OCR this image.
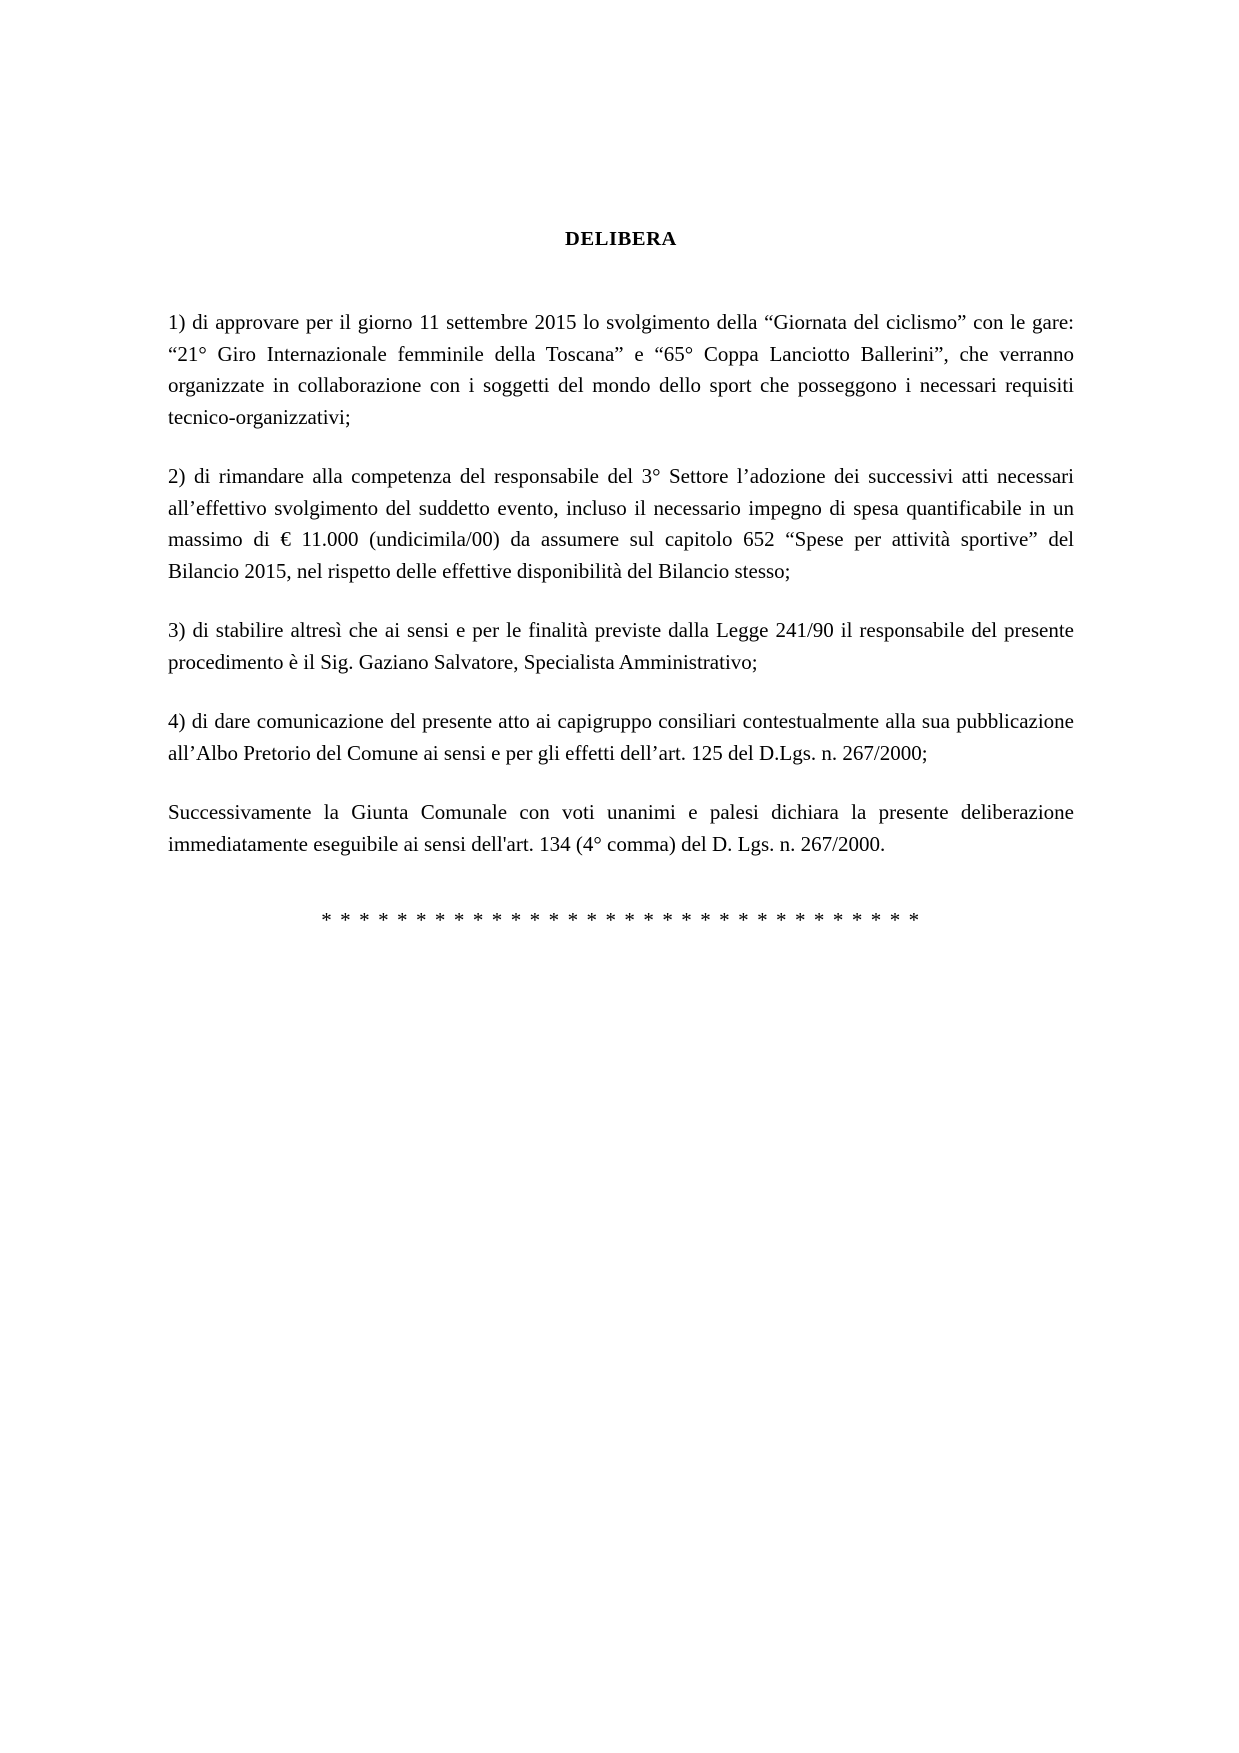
DELIBERA

1) di approvare per il giorno 11 settembre 2015 lo svolgimento della “Giornata del ciclismo” con le gare: “21° Giro Internazionale femminile della Toscana” e “65° Coppa Lanciotto Ballerini”, che verranno organizzate in collaborazione con i soggetti del mondo dello sport che posseggono i necessari requisiti tecnico-organizzativi;

2) di rimandare alla competenza del responsabile del 3° Settore l’adozione dei successivi atti necessari all’effettivo svolgimento del suddetto evento, incluso il necessario impegno di spesa quantificabile in un massimo di € 11.000 (undicimila/00) da assumere sul capitolo 652 “Spese per attività sportive” del Bilancio 2015, nel rispetto delle effettive disponibilità del Bilancio stesso;

3) di stabilire altresì che ai sensi e per le finalità previste dalla Legge 241/90 il responsabile del presente procedimento è il Sig. Gaziano Salvatore, Specialista Amministrativo;

4) di dare comunicazione del presente atto ai capigruppo consiliari contestualmente alla sua pubblicazione all’Albo Pretorio del Comune ai sensi e per gli effetti dell’art. 125 del D.Lgs. n. 267/2000;

Successivamente la Giunta Comunale con voti unanimi e palesi dichiara la presente deliberazione immediatamente eseguibile ai sensi dell'art. 134 (4° comma) del D. Lgs. n. 267/2000.

* * * * * * * * * * * * * * * * * * * * * * * * * * * * * * * *
